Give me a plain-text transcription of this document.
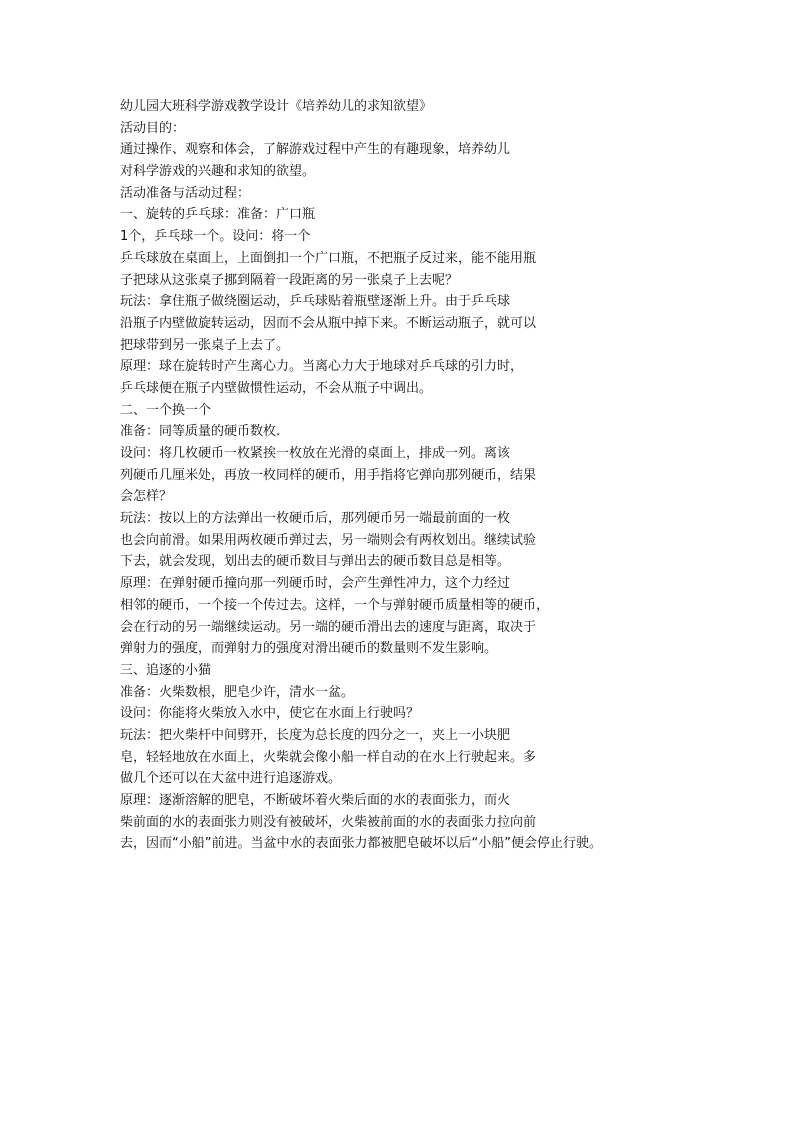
幼儿园大班科学游戏教学设计《培养幼儿的求知欲望》
活动目的：
通过操作、观察和体会，了解游戏过程中产生的有趣现象，培养幼儿
对科学游戏的兴趣和求知的欲望。
活动准备与活动过程：
一、旋转的乒乓球：准备：广口瓶
1个，乒乓球一个。设问：将一个
乒乓球放在桌面上，上面倒扣一个广口瓶，不把瓶子反过来，能不能用瓶
子把球从这张桌子挪到隔着一段距离的另一张桌子上去呢？
玩法：拿住瓶子做绕圈运动，乒乓球贴着瓶壁逐渐上升。由于乒乓球
沿瓶子内壁做旋转运动，因而不会从瓶中掉下来。不断运动瓶子，就可以
把球带到另一张桌子上去了。
原理：球在旋转时产生离心力。当离心力大于地球对乒乓球的引力时，
乒乓球便在瓶子内壁做惯性运动，不会从瓶子中调出。
二、一个换一个
准备：同等质量的硬币数枚.
设问：将几枚硬币一枚紧挨一枚放在光滑的桌面上，排成一列。离该
列硬币几厘米处，再放一枚同样的硬币，用手指将它弹向那列硬币，结果
会怎样？
玩法：按以上的方法弹出一枚硬币后，那列硬币另一端最前面的一枚
也会向前滑。如果用两枚硬币弹过去，另一端则会有两枚划出。继续试验
下去，就会发现，划出去的硬币数目与弹出去的硬币数目总是相等。
原理：在弹射硬币撞向那一列硬币时，会产生弹性冲力，这个力经过
相邻的硬币，一个接一个传过去。这样，一个与弹射硬币质量相等的硬币，
会在行动的另一端继续运动。另一端的硬币滑出去的速度与距离，取决于
弹射力的强度，而弹射力的强度对滑出硬币的数量则不发生影响。
三、追逐的小猫
准备：火柴数根，肥皂少许，清水一盆。
设问：你能将火柴放入水中，使它在水面上行驶吗？
玩法：把火柴杆中间劈开，长度为总长度的四分之一，夹上一小块肥
皂，轻轻地放在水面上，火柴就会像小船一样自动的在水上行驶起来。多
做几个还可以在大盆中进行追逐游戏。
原理：逐渐溶解的肥皂，不断破坏着火柴后面的水的表面张力，而火
柴前面的水的表面张力则没有被破坏，火柴被前面的水的表面张力拉向前
去，因而“小船”前进。当盆中水的表面张力都被肥皂破坏以后“小船”便会停止行驶。
